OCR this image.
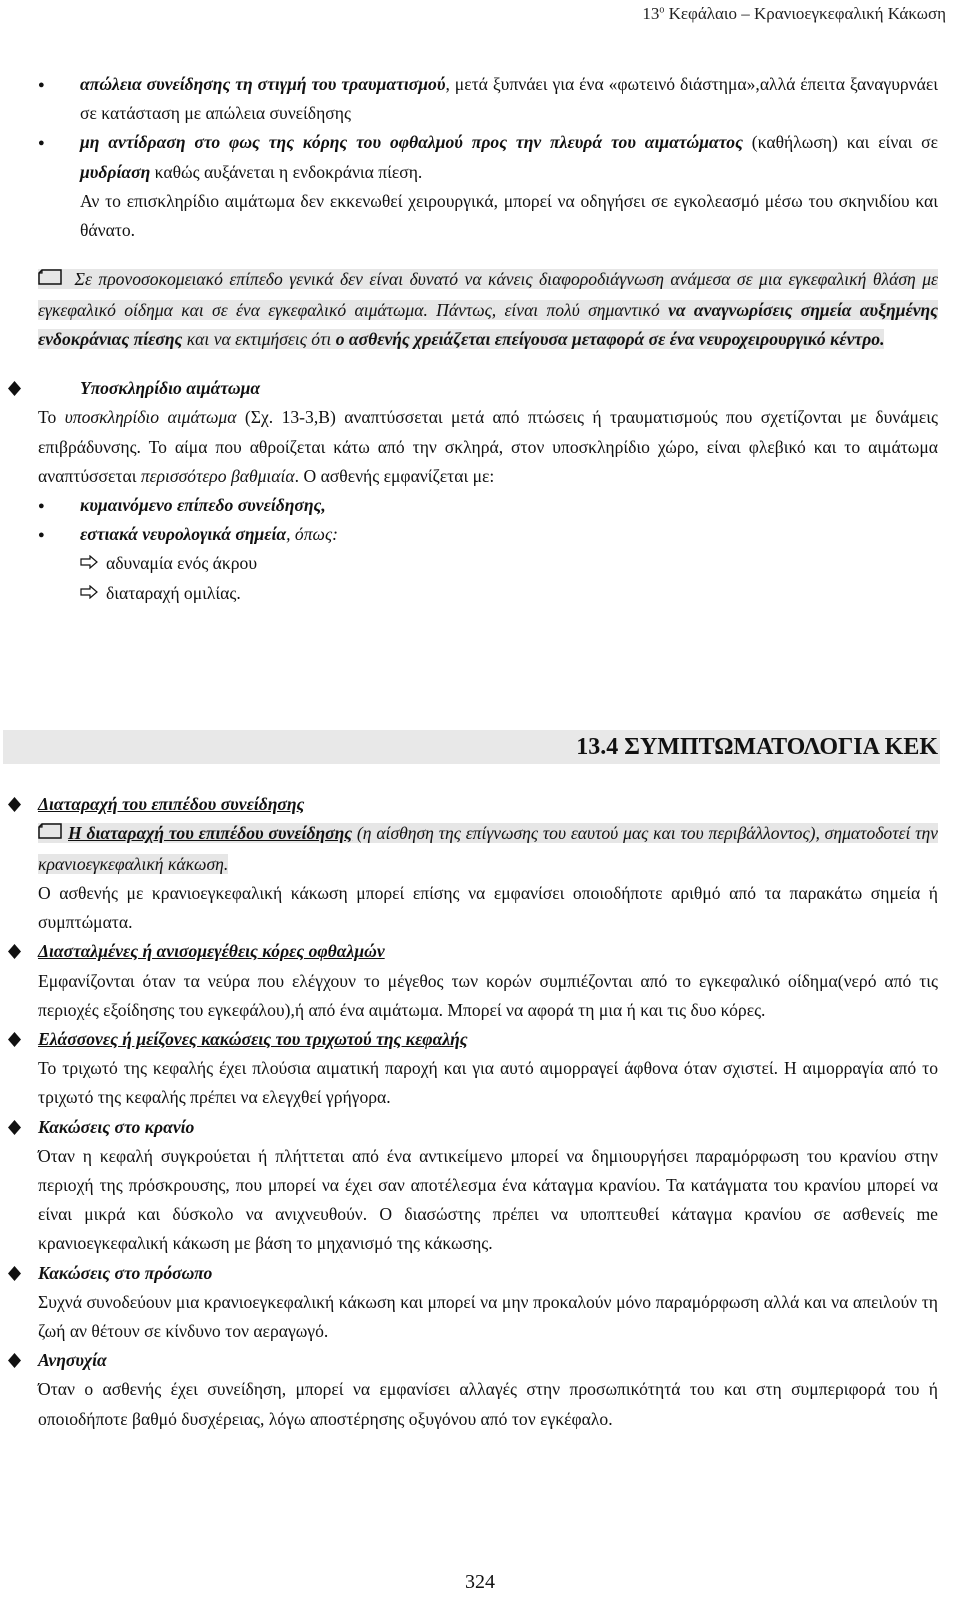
$13^o$ Κεφάλαιο – Κρανιοεγκεφαλική Κάκωση
●
απώλεια συνείδησης τη στιγμή του τραυματισμού, μετά ξυπνάει για ένα «φωτεινό διάστημα»,αλλά έπειτα ξαναγυρνάει σε κατάσταση με απώλεια συνείδησης
●
μη αντίδραση στο φως της κόρης του οφθαλμού προς την πλευρά του αιματώματος (καθήλωση) και είναι σε μυδρίαση καθώς αυξάνεται η ενδοκράνια πίεση.
Αν το επισκληρίδιο αιμάτωμα δεν εκκενωθεί χειρουργικά, μπορεί να οδηγήσει σε εγκολεασμό μέσω του σκηνιδίου και θάνατο.
Σε προνοσοκομειακό επίπεδο γενικά δεν είναι δυνατό να κάνεις διαφοροδιάγνωση ανάμεσα σε μια εγκεφαλική θλάση με εγκεφαλικό οίδημα και σε ένα εγκεφαλικό αιμάτωμα. Πάντως, είναι πολύ σημαντικό να αναγνωρίσεις σημεία αυξημένης ενδοκράνιας πίεσης και να εκτιμήσεις ότι ο ασθενής χρειάζεται επείγουσα μεταφορά σε ένα νευροχειρουργικό κέντρο.
Υποσκληρίδιο αιμάτωμα
Το υποσκληρίδιο αιμάτωμα (Σχ. 13-3,Β) αναπτύσσεται μετά από πτώσεις ή τραυματισμούς που σχετίζονται με δυνάμεις επιβράδυνσης. Το αίμα που αθροίζεται κάτω από την σκληρά, στον υποσκληρίδιο χώρο, είναι φλεβικό και το αιμάτωμα αναπτύσσεται περισσότερο βαθμιαία. Ο ασθενής εμφανίζεται με:
●
κυμαινόμενο επίπεδο συνείδησης,
●
εστιακά νευρολογικά σημεία, όπως:
αδυναμία ενός άκρου
διαταραχή ομιλίας.
13.4 ΣΥΜΠΤΩΜΑΤΟΛΟΓΙΑ ΚΕΚ
Διαταραχή του επιπέδου συνείδησης
Η διαταραχή του επιπέδου συνείδησης (η αίσθηση της επίγνωσης του εαυτού μας και του περιβάλλοντος), σηματοδοτεί την κρανιοεγκεφαλική κάκωση.
Ο ασθενής με κρανιοεγκεφαλική κάκωση μπορεί επίσης να εμφανίσει οποιοδήποτε αριθμό από τα παρακάτω σημεία ή συμπτώματα.
Διασταλμένες ή ανισομεγέθεις κόρες οφθαλμών
Εμφανίζονται όταν τα νεύρα που ελέγχουν το μέγεθος των κορών συμπιέζονται από το εγκεφαλικό οίδημα(νερό από τις περιοχές εξοίδησης του εγκεφάλου),ή από ένα αιμάτωμα. Μπορεί να αφορά τη μια ή και τις δυο κόρες.
Ελάσσονες ή μείζονες κακώσεις του τριχωτού της κεφαλής
Το τριχωτό της κεφαλής έχει πλούσια αιματική παροχή και για αυτό αιμορραγεί άφθονα όταν σχιστεί. Η αιμορραγία από το τριχωτό της κεφαλής πρέπει να ελεγχθεί γρήγορα.
Κακώσεις στο κρανίο
Όταν η κεφαλή συγκρούεται ή πλήττεται από ένα αντικείμενο μπορεί να δημιουργήσει παραμόρφωση του κρανίου στην περιοχή της πρόσκρουσης, που μπορεί να έχει σαν αποτέλεσμα ένα κάταγμα κρανίου. Τα κατάγματα του κρανίου μπορεί να είναι μικρά και δύσκολο να ανιχνευθούν. Ο διασώστης πρέπει να υποπτευθεί κάταγμα κρανίου σε ασθενείς me κρανιοεγκεφαλική κάκωση με βάση το μηχανισμό της κάκωσης.
Κακώσεις στο πρόσωπο
Συχνά συνοδεύουν μια κρανιοεγκεφαλική κάκωση και μπορεί να μην προκαλούν μόνο παραμόρφωση αλλά και να απειλούν τη ζωή αν θέτουν σε κίνδυνο τον αεραγωγό.
Ανησυχία
Όταν ο ασθενής έχει συνείδηση, μπορεί να εμφανίσει αλλαγές στην προσωπικότητά του και στη συμπεριφορά του ή οποιοδήποτε βαθμό δυσχέρειας, λόγω αποστέρησης οξυγόνου από τον εγκέφαλο.
324
